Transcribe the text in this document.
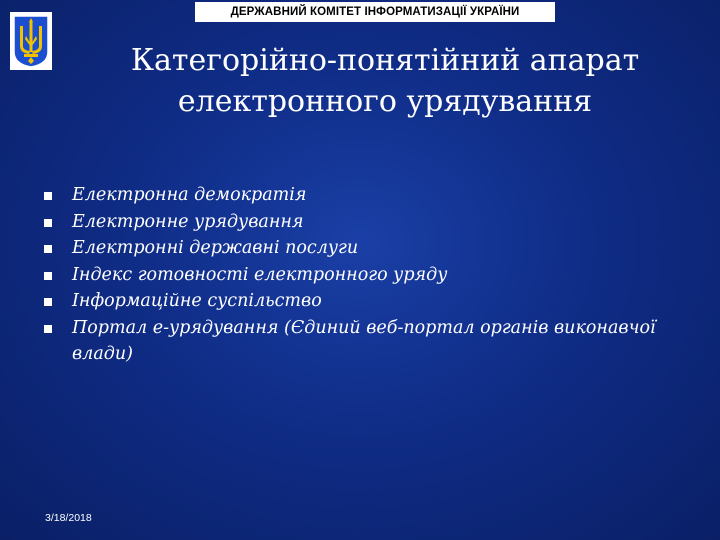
ДЕРЖАВНИЙ КОМІТЕТ ІНФОРМАТИЗАЦІЇ УКРАЇНИ
Категорійно-понятійний апарат
електронного урядування
Електронна демократія
Електронне урядування
Електронні державні послуги
Індекс готовності електронного уряду
Інформаційне суспільство
Портал е-урядування (Єдиний веб-портал органів виконавчої влади)
3/18/2018
